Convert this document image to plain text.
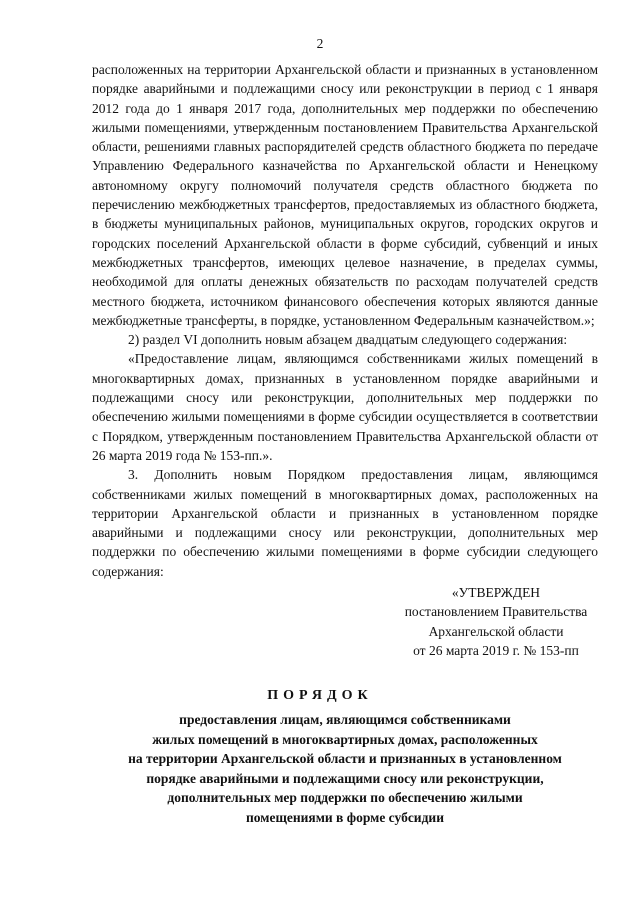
2

расположенных на территории Архангельской области и признанных в установленном порядке аварийными и подлежащими сносу или реконструкции в период с 1 января 2012 года до 1 января 2017 года, дополнительных мер поддержки по обеспечению жилыми помещениями, утвержденным постановлением Правительства Архангельской области, решениями главных распорядителей средств областного бюджета по передаче Управлению Федерального казначейства по Архангельской области и Ненецкому автономному округу полномочий получателя средств областного бюджета по перечислению межбюджетных трансфертов, предоставляемых из областного бюджета, в бюджеты муниципальных районов, муниципальных округов, городских округов и городских поселений Архангельской области в форме субсидий, субвенций и иных межбюджетных трансфертов, имеющих целевое назначение, в пределах суммы, необходимой для оплаты денежных обязательств по расходам получателей средств местного бюджета, источником финансового обеспечения которых являются данные межбюджетные трансферты, в порядке, установленном Федеральным казначейством.»;

2) раздел VI дополнить новым абзацем двадцатым следующего содержания:

«Предоставление лицам, являющимся собственниками жилых помещений в многоквартирных домах, признанных в установленном порядке аварийными и подлежащими сносу или реконструкции, дополнительных мер поддержки по обеспечению жилыми помещениями в форме субсидии осуществляется в соответствии с Порядком, утвержденным постановлением Правительства Архангельской области от 26 марта 2019 года № 153-пп.».

3. Дополнить новым Порядком предоставления лицам, являющимся собственниками жилых помещений в многоквартирных домах, расположенных на территории Архангельской области и признанных в установленном порядке аварийными и подлежащими сносу или реконструкции, дополнительных мер поддержки по обеспечению жилыми помещениями в форме субсидии следующего содержания:

«УТВЕРЖДЕН
постановлением Правительства
Архангельской области
от 26 марта 2019 г. № 153-пп
ПОРЯДОК
предоставления лицам, являющимся собственниками
жилых помещений в многоквартирных домах, расположенных
на территории Архангельской области и признанных в установленном
порядке аварийными и подлежащими сносу или реконструкции,
дополнительных мер поддержки по обеспечению жилыми
помещениями в форме субсидии
